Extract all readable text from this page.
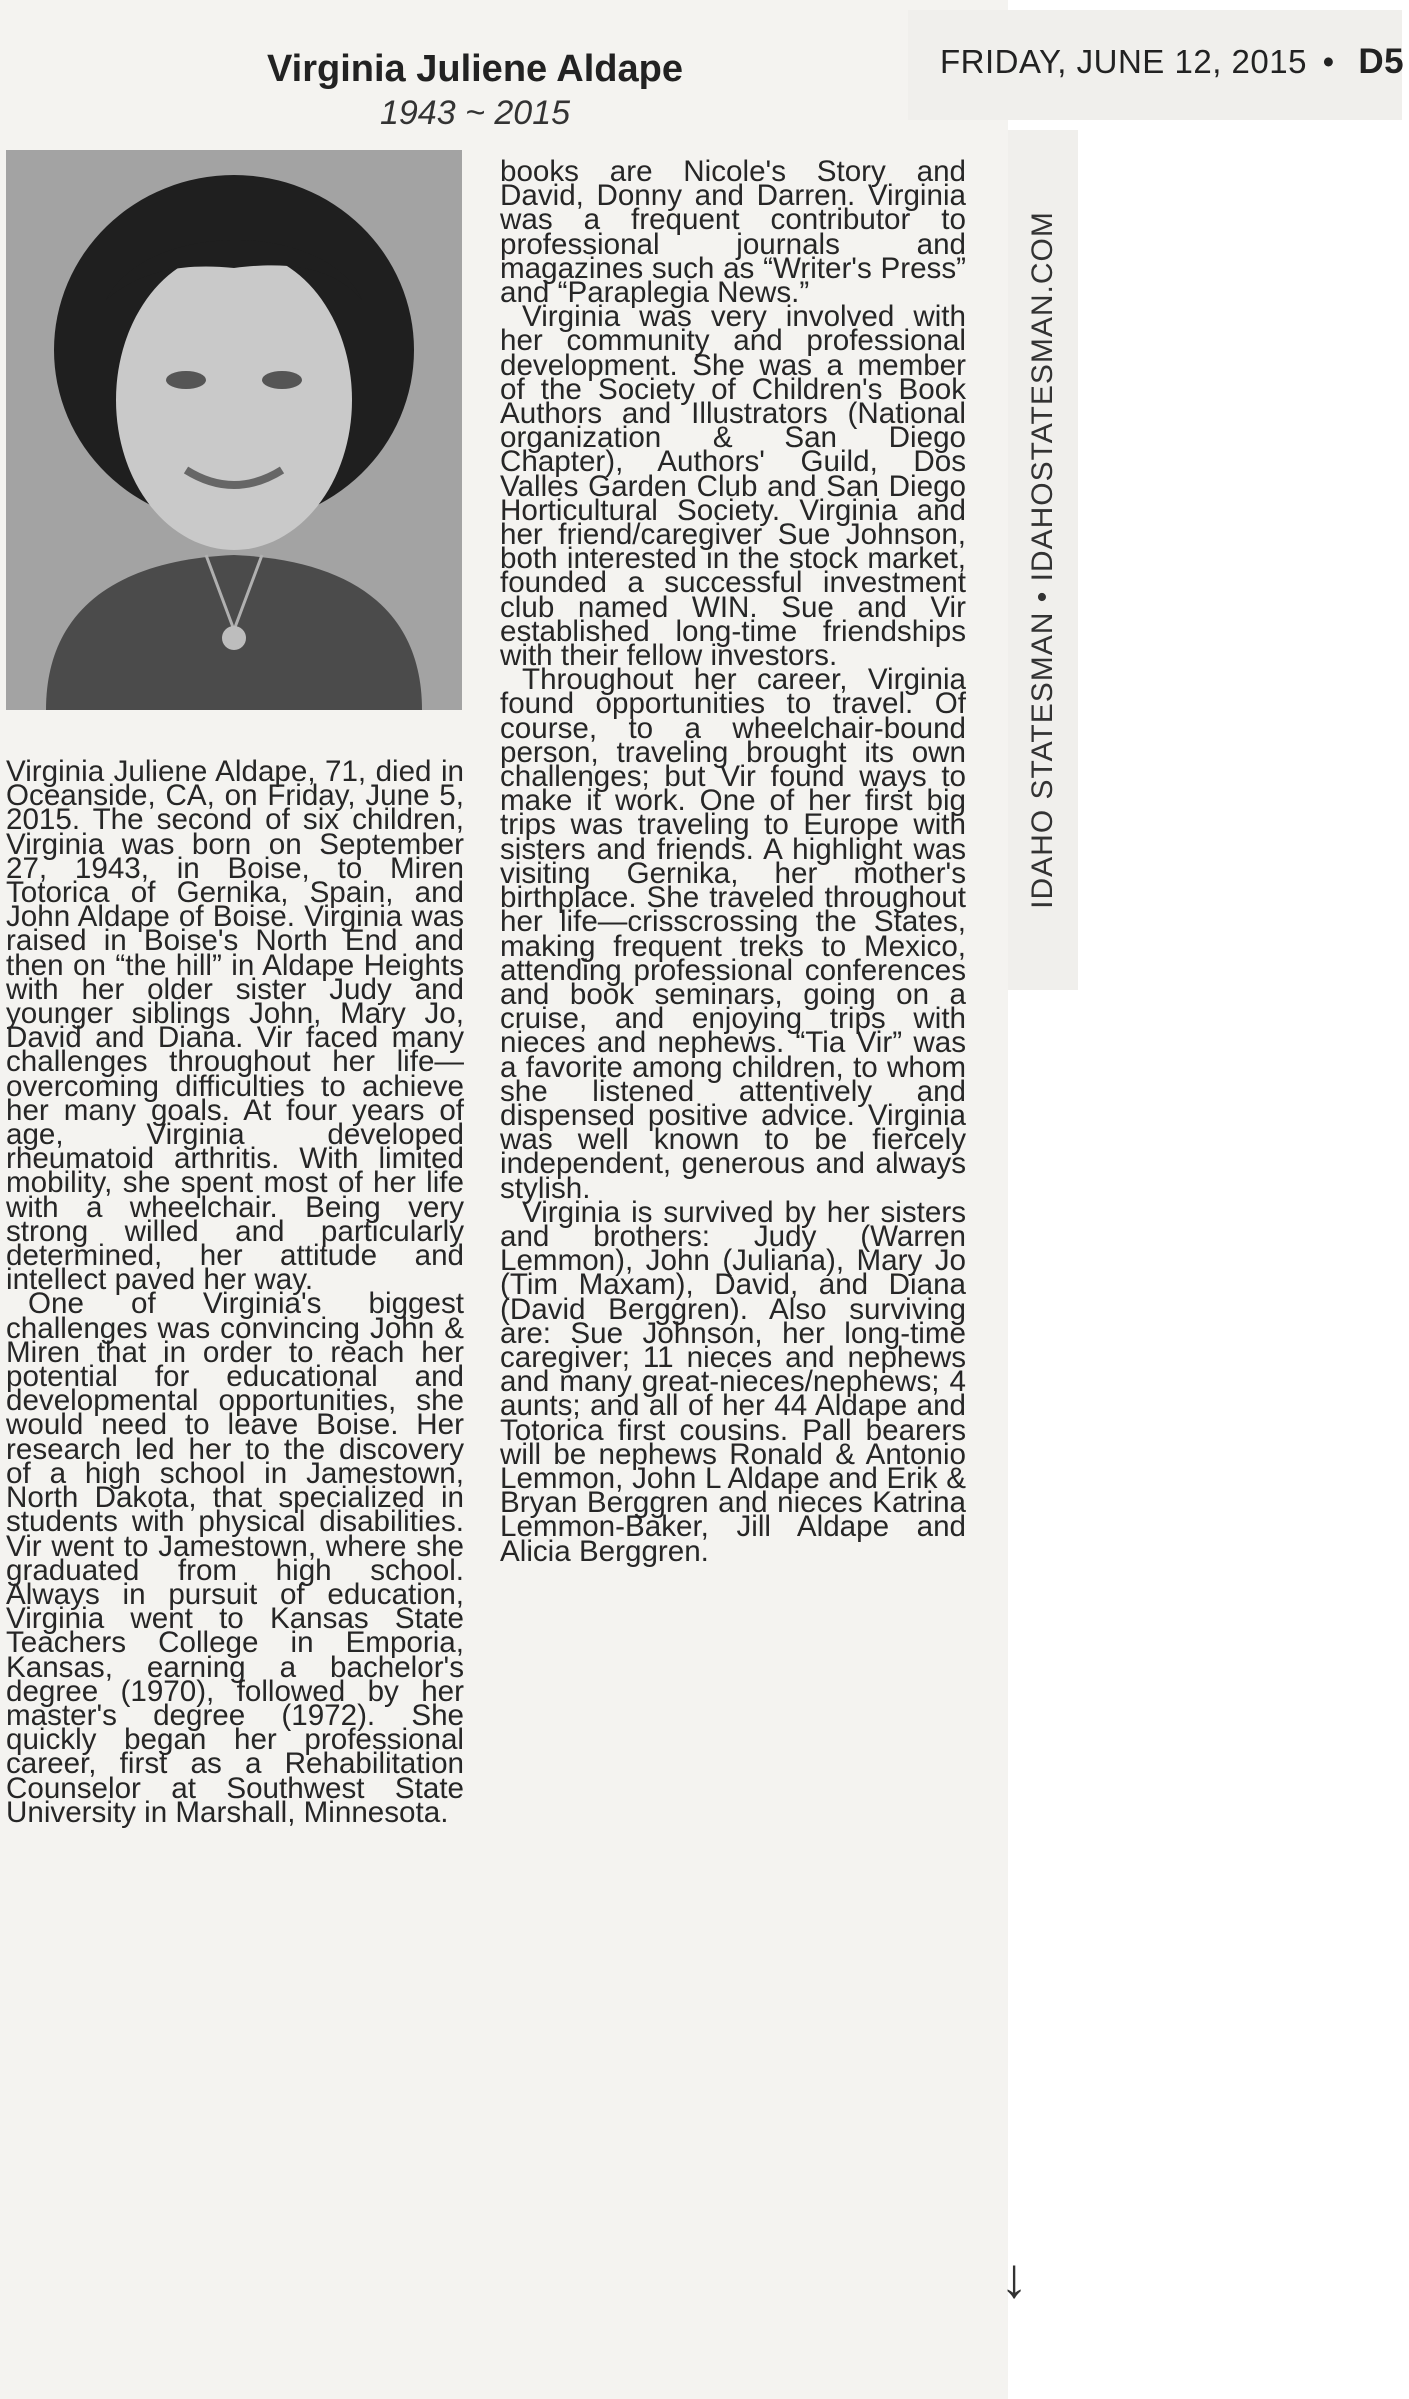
FRIDAY, JUNE 12, 2015 • D5
IDAHO STATESMAN • IDAHOSTATESMAN.COM
Virginia Juliene Aldape
1943 ~ 2015

Virginia Juliene Aldape, 71, died in Oceanside, CA, on Friday, June 5, 2015. The second of six children, Virginia was born on September 27, 1943, in Boise, to Miren Totorica of Gernika, Spain, and John Aldape of Boise. Virginia was raised in Boise's North End and then on “the hill” in Aldape Heights with her older sister Judy and younger siblings John, Mary Jo, David and Diana. Vir faced many challenges throughout her life—overcoming difficulties to achieve her many goals. At four years of age, Virginia developed rheumatoid arthritis. With limited mobility, she spent most of her life with a wheelchair. Being very strong willed and particularly determined, her attitude and intellect paved her way.

One of Virginia's biggest challenges was convincing John & Miren that in order to reach her potential for educational and developmental opportunities, she would need to leave Boise. Her research led her to the discovery of a high school in Jamestown, North Dakota, that specialized in students with physical disabilities. Vir went to Jamestown, where she graduated from high school. Always in pursuit of education, Virginia went to Kansas State Teachers College in Emporia, Kansas, earning a bachelor's degree (1970), followed by her master's degree (1972). She quickly began her professional career, first as a Rehabilitation Counselor at Southwest State University in Marshall, Minnesota.

books are Nicole's Story and David, Donny and Darren. Virginia was a frequent contributor to professional journals and magazines such as “Writer's Press” and “Paraplegia News.”

Virginia was very involved with her community and professional development. She was a member of the Society of Children's Book Authors and Illustrators (National organization & San Diego Chapter), Authors' Guild, Dos Valles Garden Club and San Diego Horticultural Society. Virginia and her friend/caregiver Sue Johnson, both interested in the stock market, founded a successful investment club named WIN. Sue and Vir established long-time friendships with their fellow investors.

Throughout her career, Virginia found opportunities to travel. Of course, to a wheelchair-bound person, traveling brought its own challenges; but Vir found ways to make it work. One of her first big trips was traveling to Europe with sisters and friends. A highlight was visiting Gernika, her mother's birthplace. She traveled throughout her life—crisscrossing the States, making frequent treks to Mexico, attending professional conferences and book seminars, going on a cruise, and enjoying trips with nieces and nephews. “Tia Vir” was a favorite among children, to whom she listened attentively and dispensed positive advice. Virginia was well known to be fiercely independent, generous and always stylish.

Virginia is survived by her sisters and brothers: Judy (Warren Lemmon), John (Juliana), Mary Jo (Tim Maxam), David, and Diana (David Berggren). Also surviving are: Sue Johnson, her long-time caregiver; 11 nieces and nephews and many great-nieces/nephews; 4 aunts; and all of her 44 Aldape and Totorica first cousins. Pall bearers will be nephews Ronald & Antonio Lemmon, John L Aldape and Erik & Bryan Berggren and nieces Katrina Lemmon-Baker, Jill Aldape and Alicia Berggren.

↓
